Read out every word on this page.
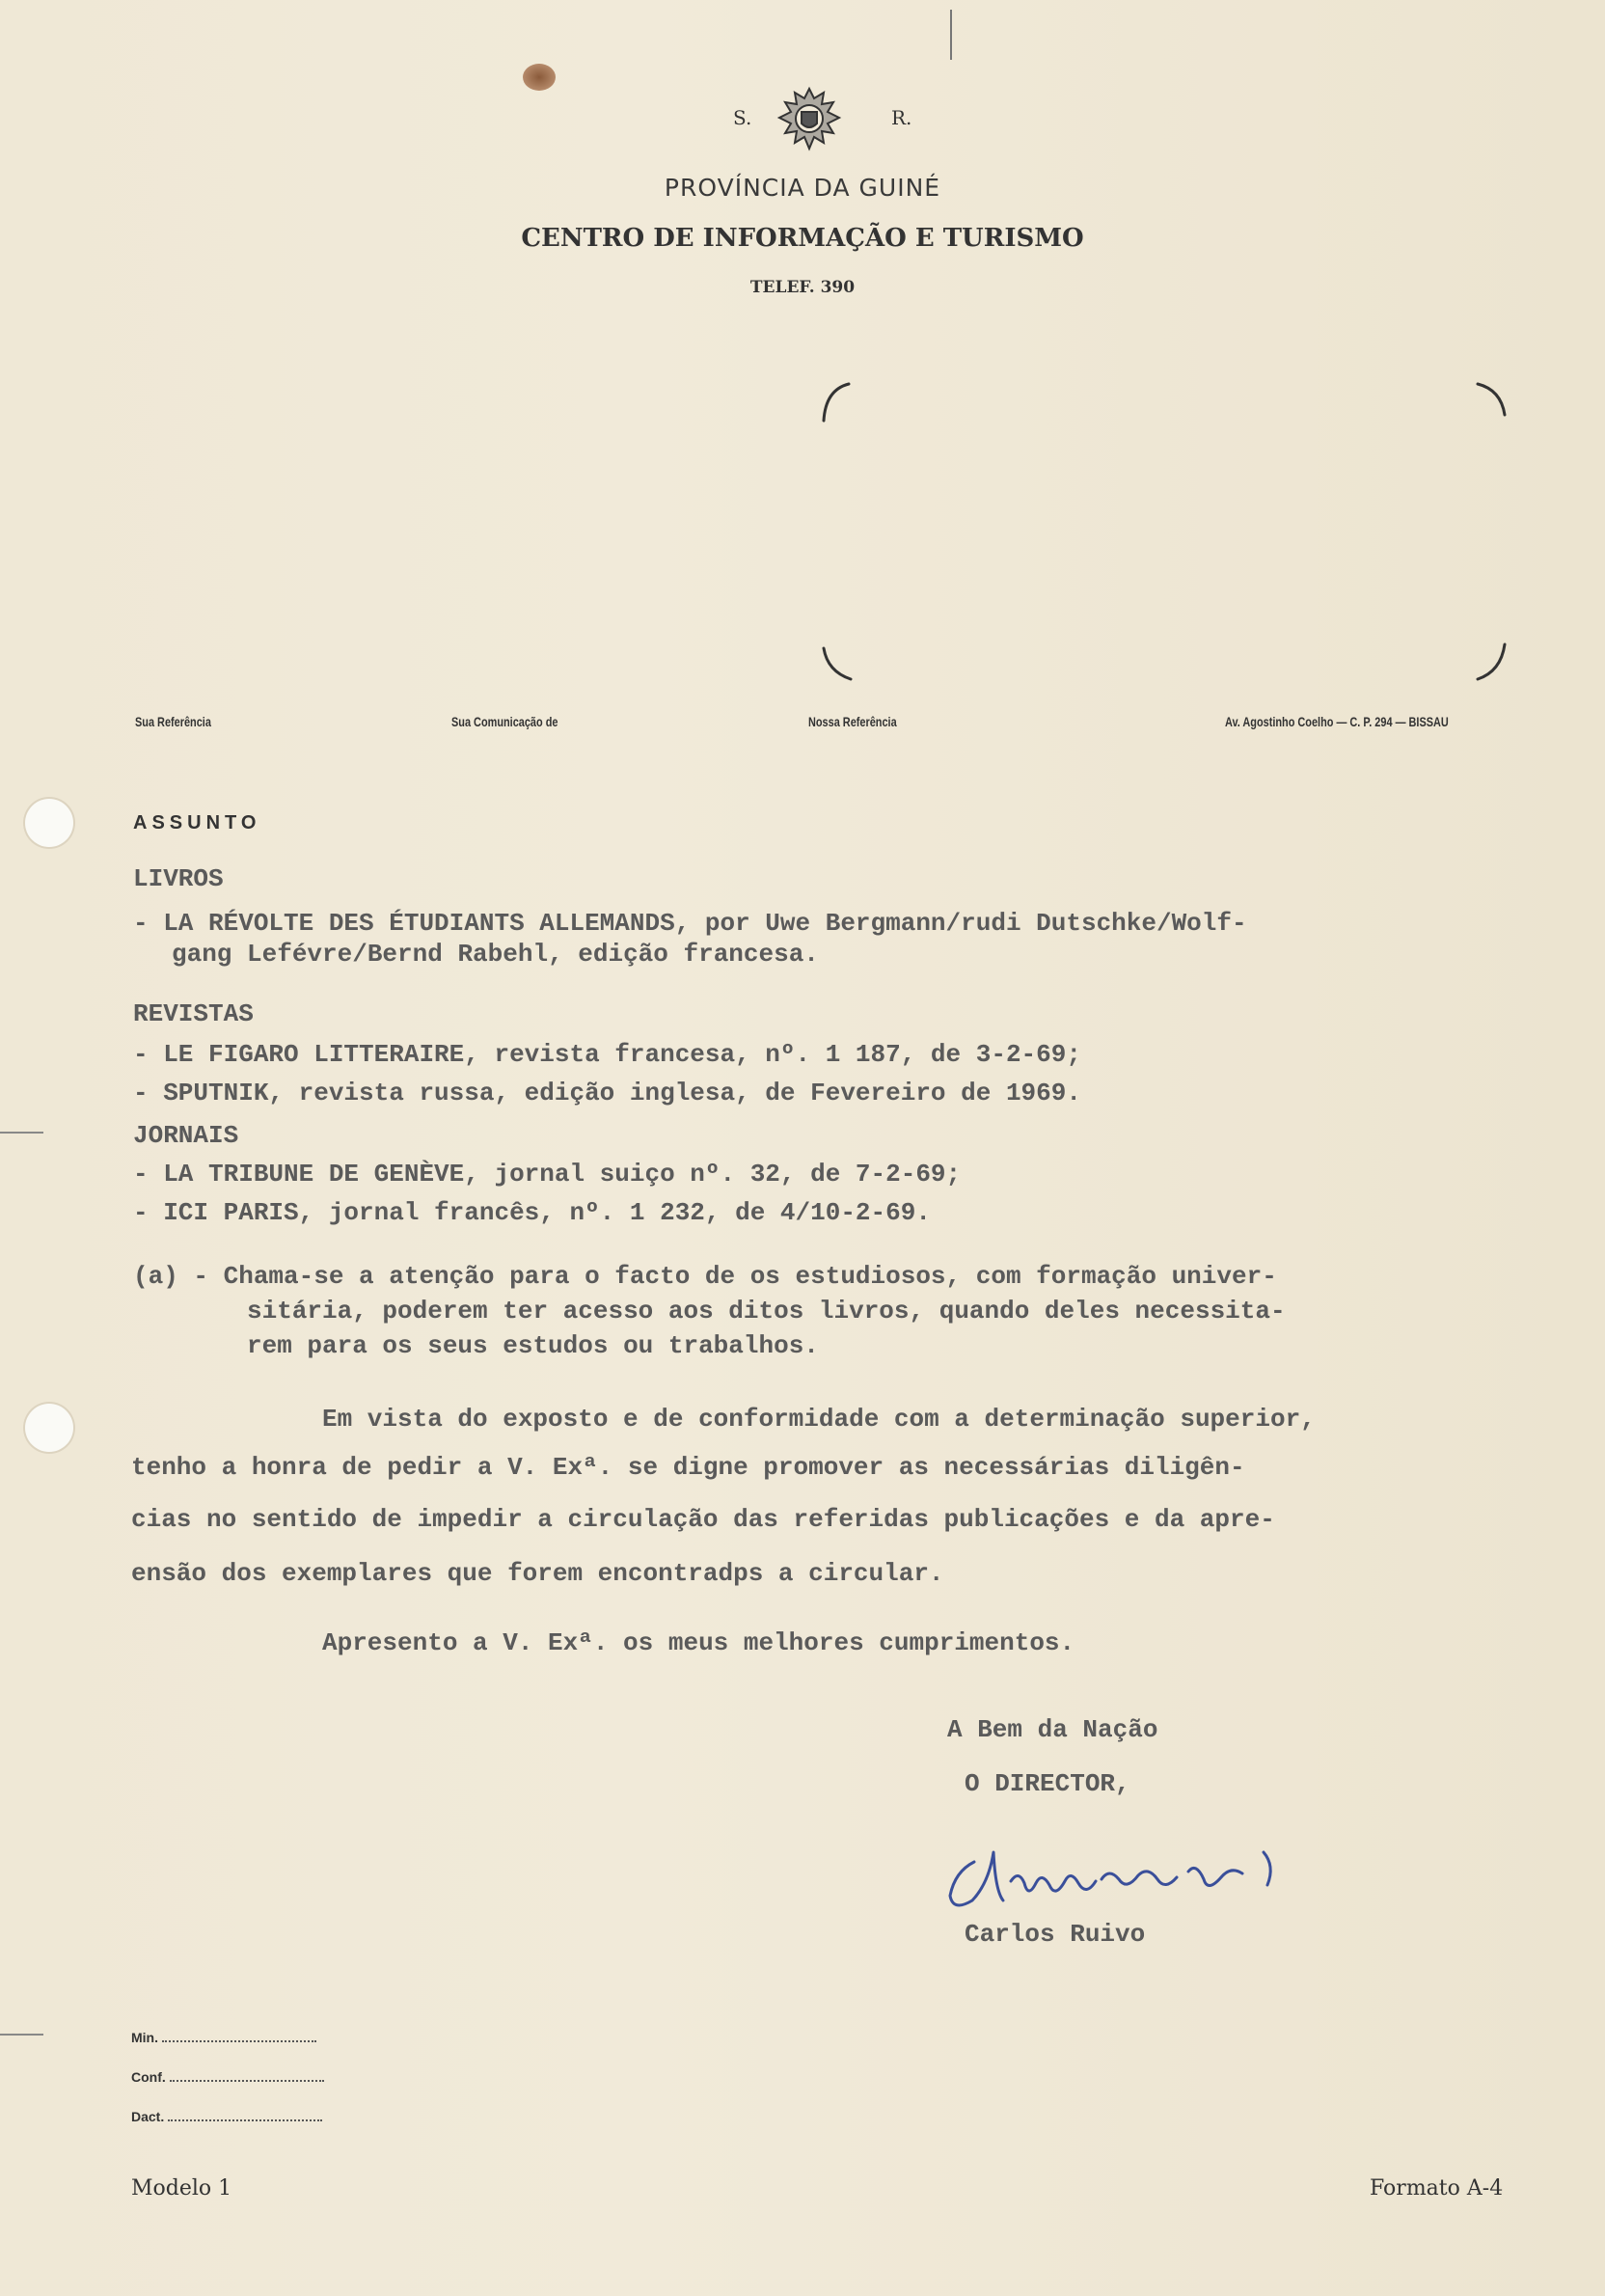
S.	R.
PROVÍNCIA DA GUINÉ
CENTRO DE INFORMAÇÃO E TURISMO
TELEF. 390
Sua Referência	Sua Comunicação de	Nossa Referência	Av. Agostinho Coelho — C. P. 294 — BISSAU
ASSUNTO
LIVROS
- LA RÉVOLTE DES ÉTUDIANTS ALLEMANDS, por Uwe Bergmann/rudi Dutschke/Wolf-
gang Lefévre/Bernd Rabehl, edição francesa.
REVISTAS
- LE FIGARO LITTERAIRE, revista francesa, nº. 1 187, de 3-2-69;
- SPUTNIK, revista russa, edição inglesa, de Fevereiro de 1969.
JORNAIS
- LA TRIBUNE DE GENÈVE, jornal suiço nº. 32, de 7-2-69;
- ICI PARIS, jornal francês, nº. 1 232, de 4/10-2-69.
(a) - Chama-se a atenção para o facto de os estudiosos, com formação univer-
sitária, poderem ter acesso aos ditos livros, quando deles necessita-
rem para os seus estudos ou trabalhos.
Em vista do exposto e de conformidade com a determinação superior,
tenho a honra de pedir a V. Exª. se digne promover as necessárias diligên-
cias no sentido de impedir a circulação das referidas publicações e da apre-
ensão dos exemplares que forem encontradps a circular.
Apresento a V. Exª. os meus melhores cumprimentos.
A Bem da Nação
O DIRECTOR,
Carlos Ruivo
Min.
Conf.
Dact.
Modelo 1	Formato A-4
